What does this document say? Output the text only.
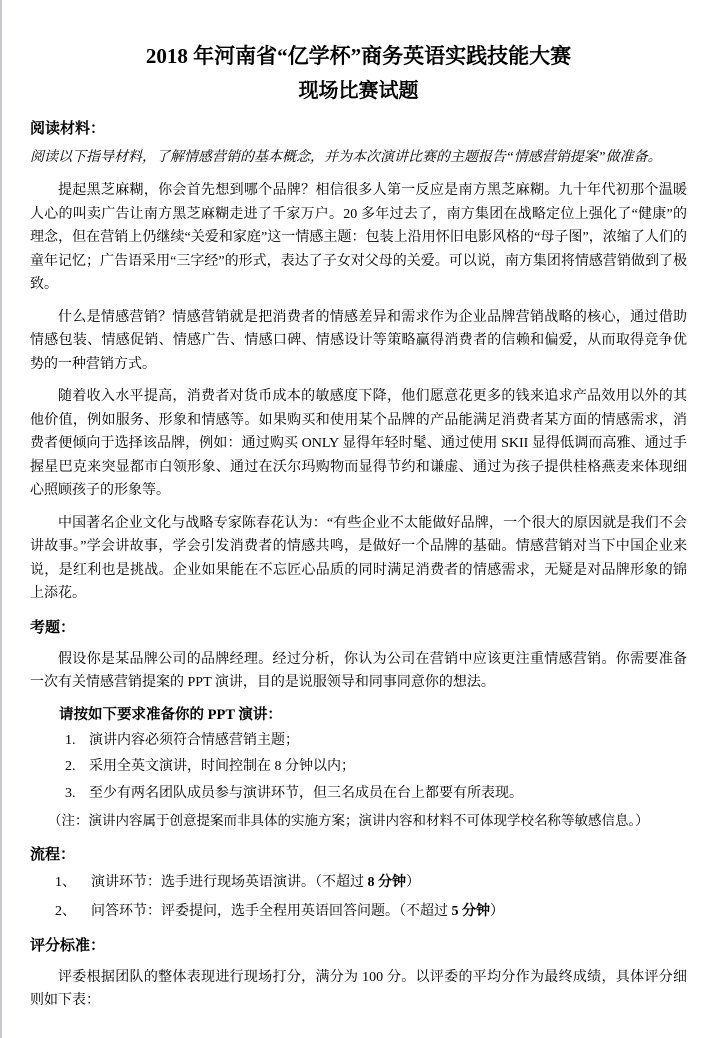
2018 年河南省“亿学杯”商务英语实践技能大赛
现场比赛试题
阅读材料：
阅读以下指导材料，了解情感营销的基本概念，并为本次演讲比赛的主题报告“情感营销提案”做准备。

提起黑芝麻糊，你会首先想到哪个品牌？相信很多人第一反应是南方黑芝麻糊。九十年代初那个温暖人心的叫卖广告让南方黑芝麻糊走进了千家万户。20 多年过去了，南方集团在战略定位上强化了“健康”的理念，但在营销上仍继续“关爱和家庭”这一情感主题：包装上沿用怀旧电影风格的“母子图”，浓缩了人们的童年记忆；广告语采用“三字经”的形式，表达了子女对父母的关爱。可以说，南方集团将情感营销做到了极致。

什么是情感营销？情感营销就是把消费者的情感差异和需求作为企业品牌营销战略的核心，通过借助情感包装、情感促销、情感广告、情感口碑、情感设计等策略赢得消费者的信赖和偏爱，从而取得竞争优势的一种营销方式。

随着收入水平提高，消费者对货币成本的敏感度下降，他们愿意花更多的钱来追求产品效用以外的其他价值，例如服务、形象和情感等。如果购买和使用某个品牌的产品能满足消费者某方面的情感需求，消费者便倾向于选择该品牌，例如：通过购买 ONLY 显得年轻时髦、通过使用 SKII 显得低调而高雅、通过手握星巴克来突显都市白领形象、通过在沃尔玛购物而显得节约和谦虚、通过为孩子提供桂格燕麦来体现细心照顾孩子的形象等。

中国著名企业文化与战略专家陈春花认为：“有些企业不太能做好品牌，一个很大的原因就是我们不会讲故事。”学会讲故事，学会引发消费者的情感共鸣，是做好一个品牌的基础。情感营销对当下中国企业来说，是红利也是挑战。企业如果能在不忘匠心品质的同时满足消费者的情感需求，无疑是对品牌形象的锦上添花。

考题：

假设你是某品牌公司的品牌经理。经过分析，你认为公司在营销中应该更注重情感营销。你需要准备一次有关情感营销提案的 PPT 演讲，目的是说服领导和同事同意你的想法。

请按如下要求准备你的 PPT 演讲：
1. 演讲内容必须符合情感营销主题；
2. 采用全英文演讲，时间控制在 8 分钟以内；
3. 至少有两名团队成员参与演讲环节，但三名成员在台上都要有所表现。
（注：演讲内容属于创意提案而非具体的实施方案；演讲内容和材料不可体现学校名称等敏感信息。）
流程：
1、 演讲环节：选手进行现场英语演讲。（不超过 8 分钟）
2、 问答环节：评委提问，选手全程用英语回答问题。（不超过 5 分钟）
评分标准：

评委根据团队的整体表现进行现场打分，满分为 100 分。以评委的平均分作为最终成绩，具体评分细则如下表：
